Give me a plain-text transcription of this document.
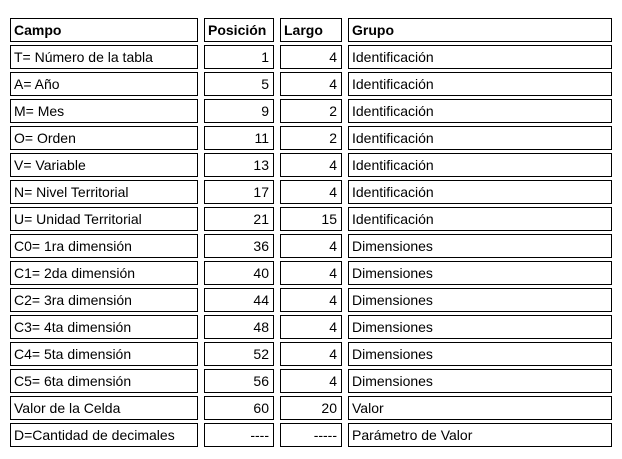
Campo	Posición	Largo	Grupo
T= Número de la tabla	1	4	Identificación
A= Año	5	4	Identificación
M= Mes	9	2	Identificación
O= Orden	11	2	Identificación
V= Variable	13	4	Identificación
N= Nivel Territorial	17	4	Identificación
U= Unidad Territorial	21	15	Identificación
C0= 1ra dimensión	36	4	Dimensiones
C1= 2da dimensión	40	4	Dimensiones
C2= 3ra dimensión	44	4	Dimensiones
C3= 4ta dimensión	48	4	Dimensiones
C4= 5ta dimensión	52	4	Dimensiones
C5= 6ta dimensión	56	4	Dimensiones
Valor de la Celda	60	20	Valor
D=Cantidad de decimales	----	-----	Parámetro de Valor
